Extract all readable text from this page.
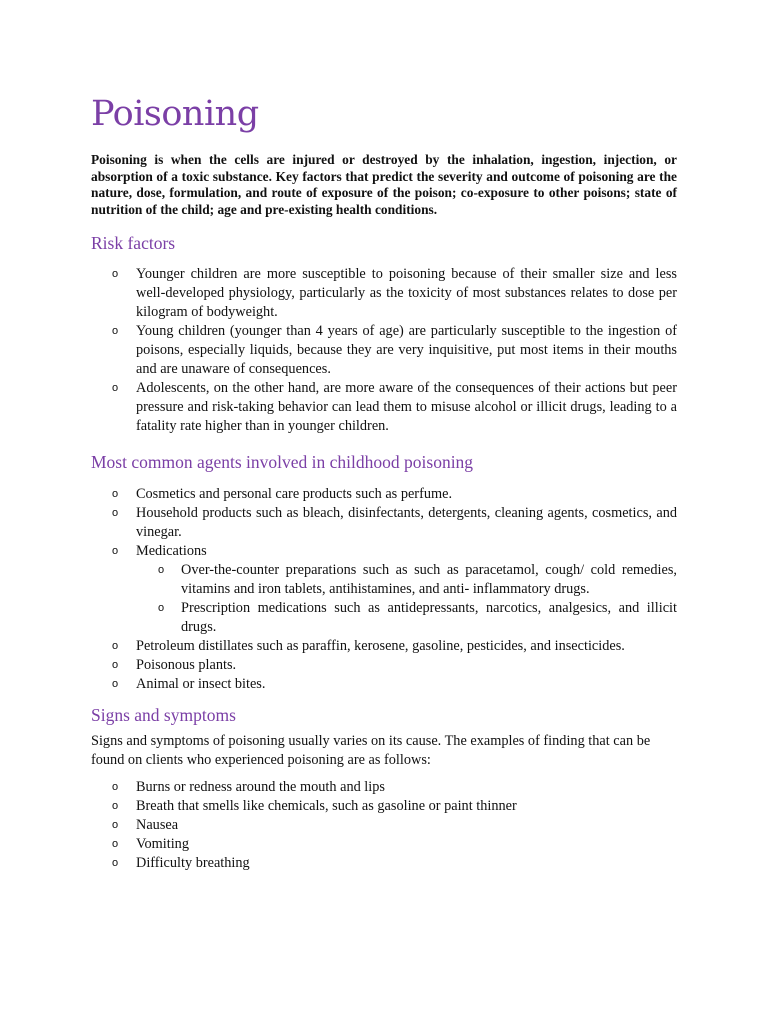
Poisoning

Poisoning is when the cells are injured or destroyed by the inhalation, ingestion, injection, or absorption of a toxic substance. Key factors that predict the severity and outcome of poisoning are the nature, dose, formulation, and route of exposure of the poison; co-exposure to other poisons; state of nutrition of the child; age and pre-existing health conditions.

Risk factors
o Younger children are more susceptible to poisoning because of their smaller size and less well-developed physiology, particularly as the toxicity of most substances relates to dose per kilogram of bodyweight.
o Young children (younger than 4 years of age) are particularly susceptible to the ingestion of poisons, especially liquids, because they are very inquisitive, put most items in their mouths and are unaware of consequences.
o Adolescents, on the other hand, are more aware of the consequences of their actions but peer pressure and risk-taking behavior can lead them to misuse alcohol or illicit drugs, leading to a fatality rate higher than in younger children.
Most common agents involved in childhood poisoning
o Cosmetics and personal care products such as perfume.
o Household products such as bleach, disinfectants, detergents, cleaning agents, cosmetics, and vinegar.
o Medications
o Over-the-counter preparations such as such as paracetamol, cough/ cold remedies, vitamins and iron tablets, antihistamines, and anti- inflammatory drugs.
o Prescription medications such as antidepressants, narcotics, analgesics, and illicit drugs.
o Petroleum distillates such as paraffin, kerosene, gasoline, pesticides, and insecticides.
o Poisonous plants.
o Animal or insect bites.
Signs and symptoms

Signs and symptoms of poisoning usually varies on its cause. The examples of finding that can be found on clients who experienced poisoning are as follows:

o Burns or redness around the mouth and lips
o Breath that smells like chemicals, such as gasoline or paint thinner
o Nausea
o Vomiting
o Difficulty breathing
